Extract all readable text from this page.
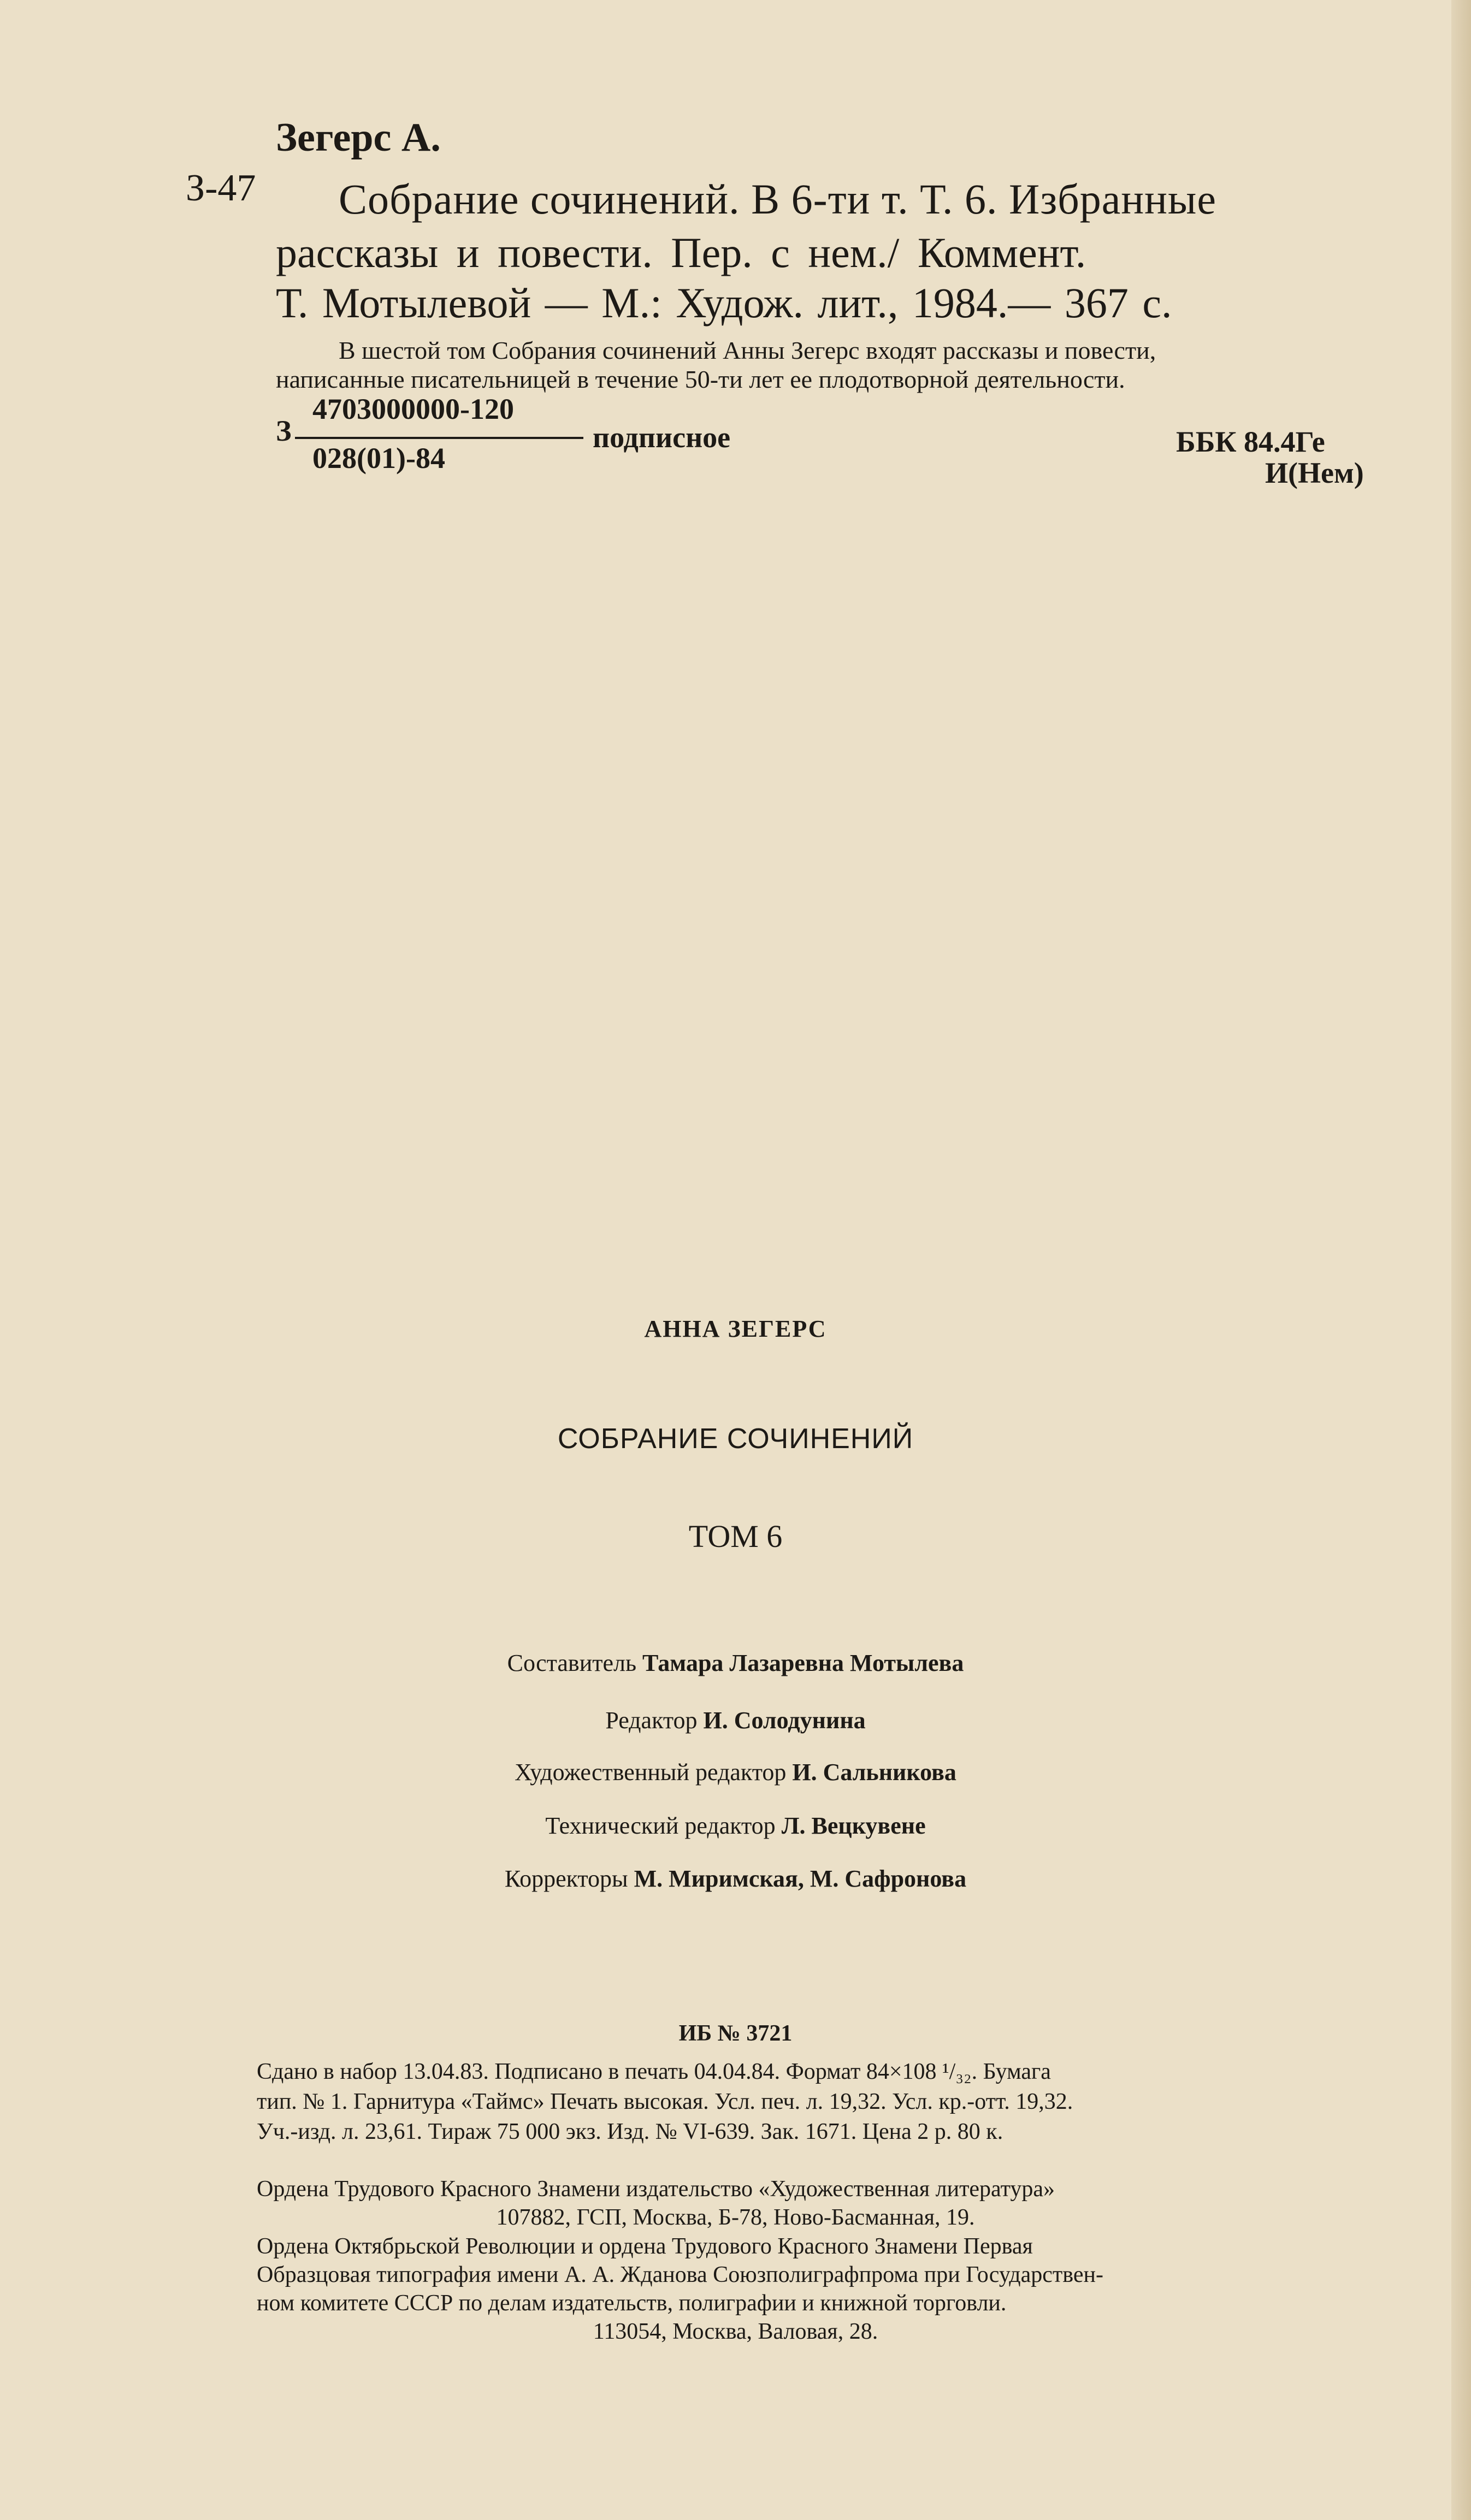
Зегерс А.
З-47 Собрание сочинений. В 6-ти т. Т. 6. Избранные
рассказы и повести. Пер. с нем./ Коммент.
Т. Мотылевой — М.: Худож. лит., 1984.— 367 с.
В шестой том Собрания сочинений Анны Зегерс входят рассказы и повести,
написанные писательницей в течение 50-ти лет ее плодотворной деятельности.
З
4703000000-120
028(01)-84
подписное	ББК 84.4Ге
И(Нем)
АННА ЗЕГЕРС
СОБРАНИЕ СОЧИНЕНИЙ
ТОМ 6
Составитель Тамара Лазаревна Мотылева
Редактор И. Солодунина
Художественный редактор И. Сальникова
Технический редактор Л. Вецкувене
Корректоры М. Миримская, М. Сафронова
ИБ № 3721
Сдано в набор 13.04.83. Подписано в печать 04.04.84. Формат 84×108 ¹/₃₂. Бумага
тип. № 1. Гарнитура «Таймс» Печать высокая. Усл. печ. л. 19,32. Усл. кр.-отт. 19,32.
Уч.-изд. л. 23,61. Тираж 75 000 экз. Изд. № VI-639. Зак. 1671. Цена 2 р. 80 к.
Ордена Трудового Красного Знамени издательство «Художественная литература»
107882, ГСП, Москва, Б-78, Ново-Басманная, 19.
Ордена Октябрьской Революции и ордена Трудового Красного Знамени Первая
Образцовая типография имени А. А. Жданова Союзполиграфпрома при Государствен-
ном комитете СССР по делам издательств, полиграфии и книжной торговли.
113054, Москва, Валовая, 28.
